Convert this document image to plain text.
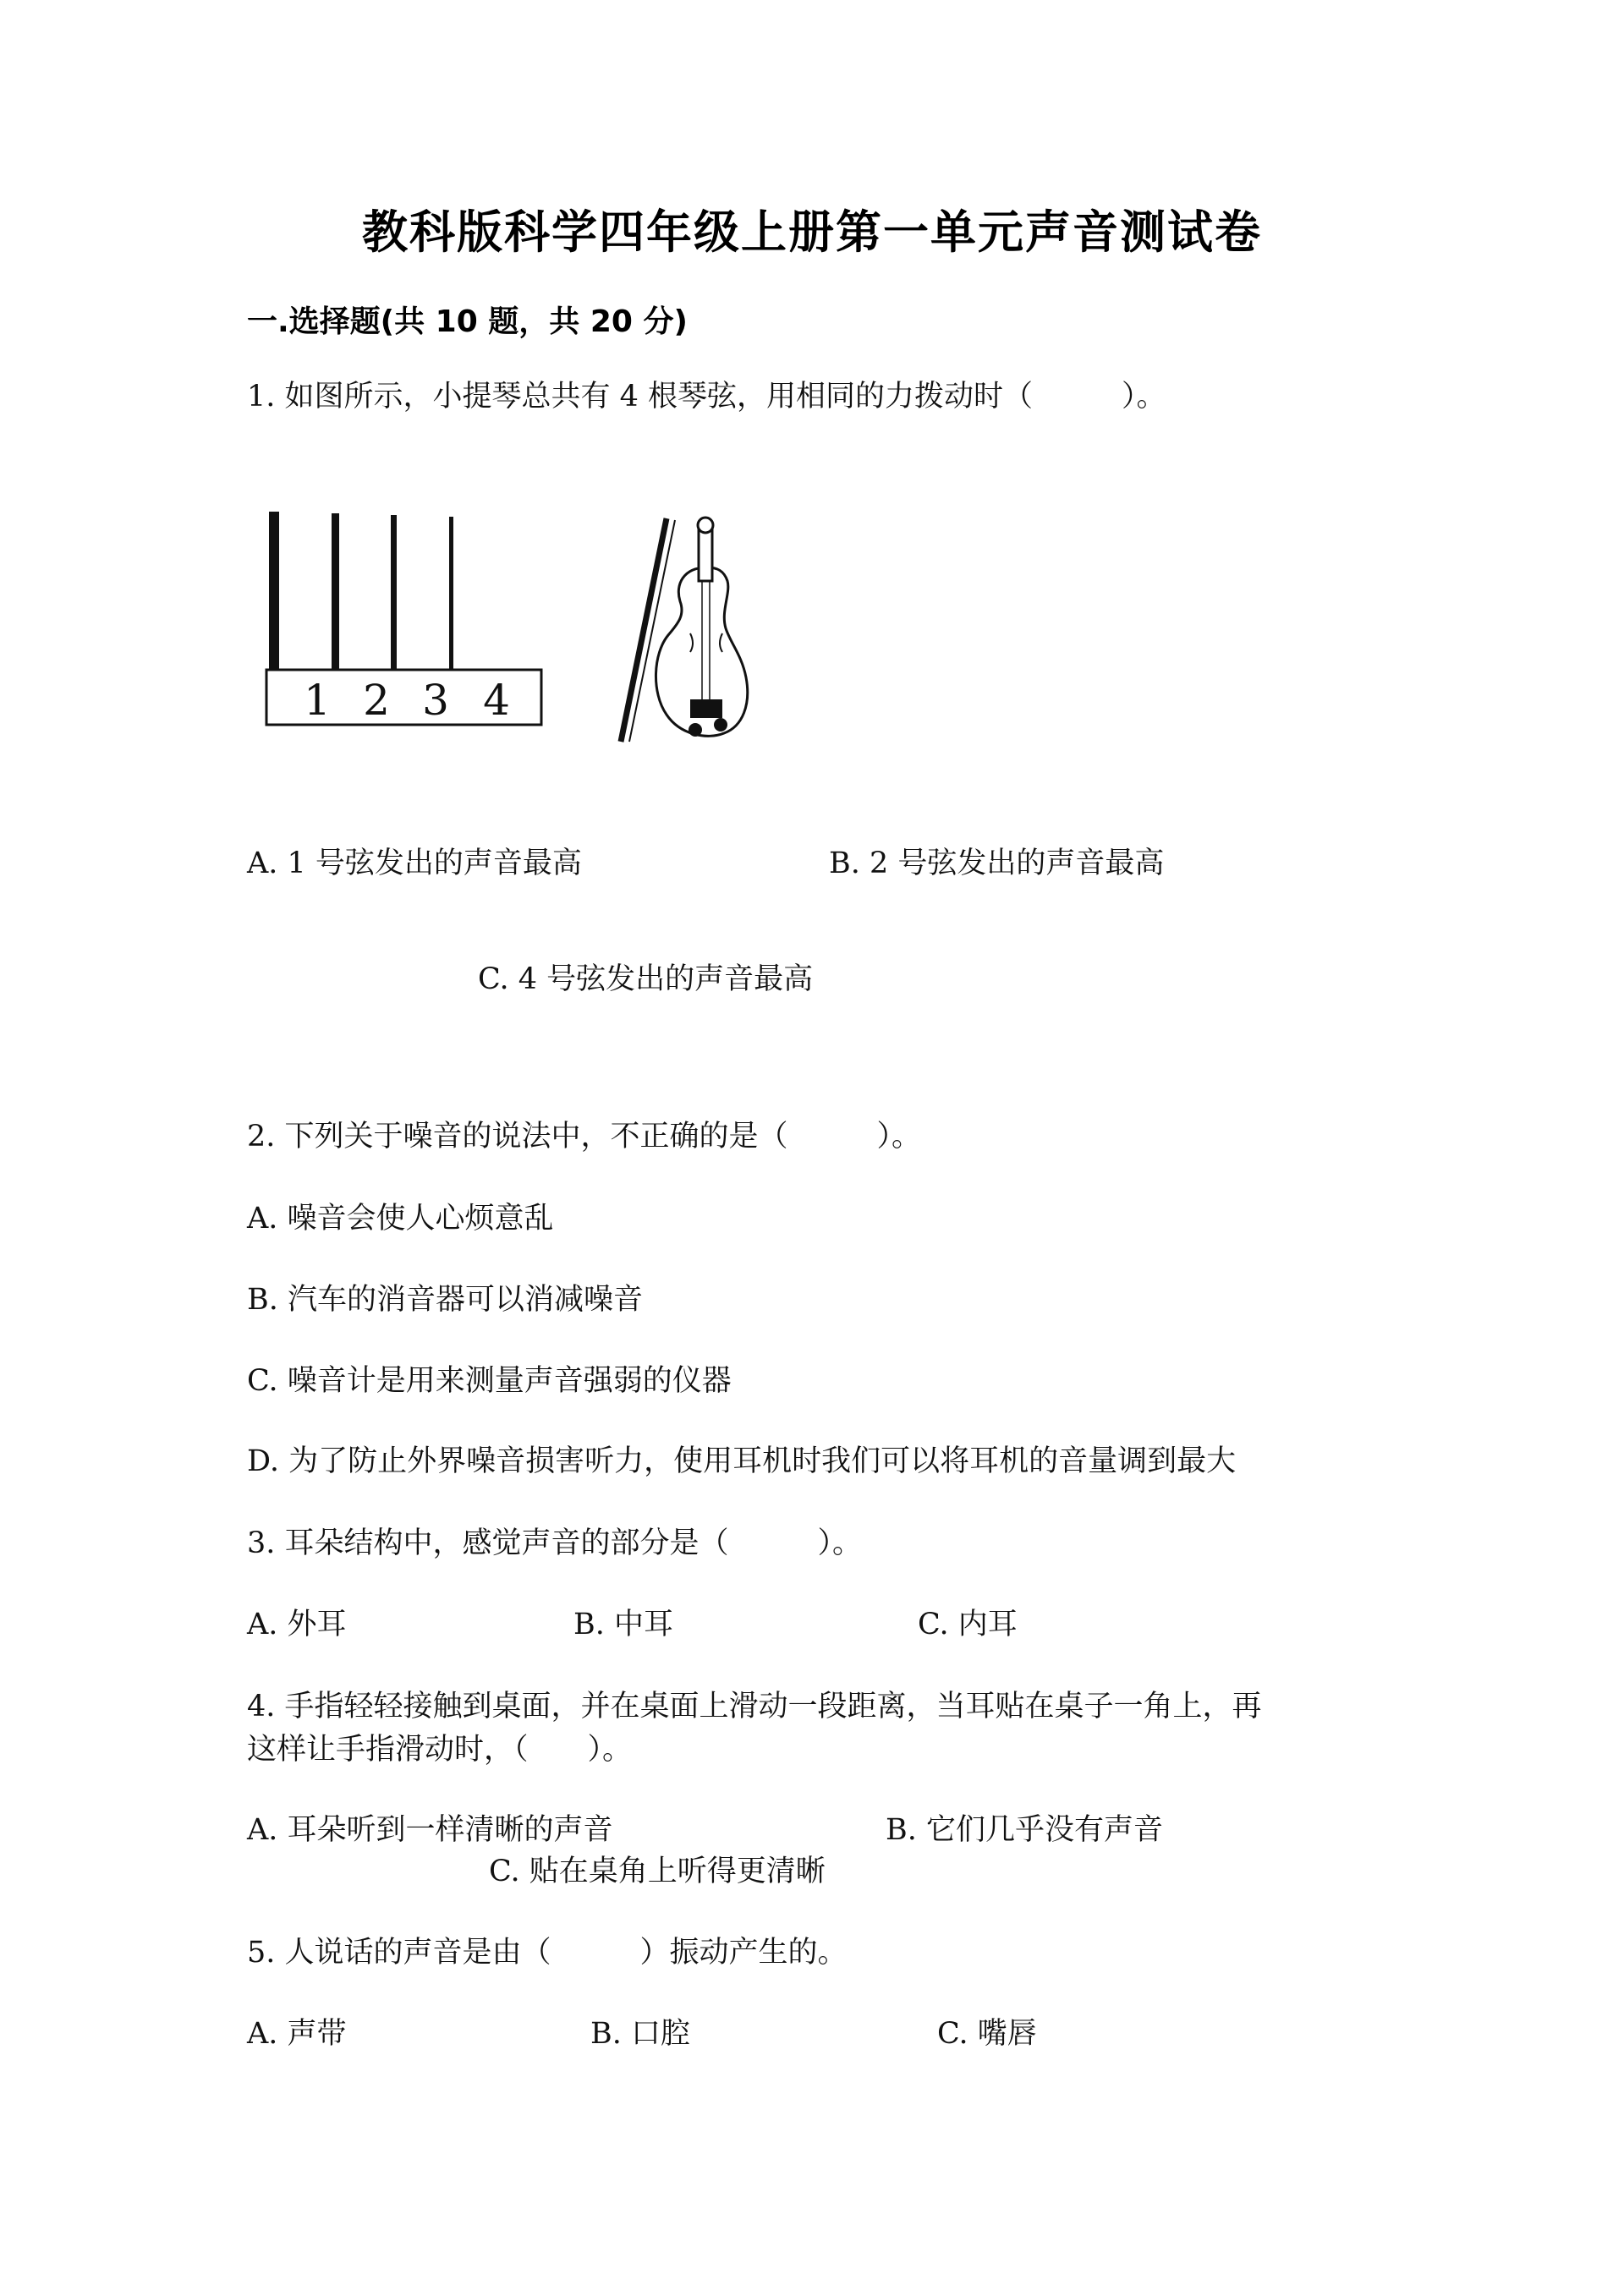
教科版科学四年级上册第一单元声音测试卷
一.选择题(共 10 题，共 20 分)
1. 如图所示，小提琴总共有 4 根琴弦，用相同的力拨动时（　　　）。
1 2 3 4
A. 1 号弦发出的声音最高	B. 2 号弦发出的声音最高
C. 4 号弦发出的声音最高
2. 下列关于噪音的说法中，不正确的是（　　　）。
A. 噪音会使人心烦意乱
B. 汽车的消音器可以消减噪音
C. 噪音计是用来测量声音强弱的仪器
D. 为了防止外界噪音损害听力，使用耳机时我们可以将耳机的音量调到最大
3. 耳朵结构中，感觉声音的部分是（　　　）。
A. 外耳	B. 中耳	C. 内耳
4. 手指轻轻接触到桌面，并在桌面上滑动一段距离，当耳贴在桌子一角上，再
这样让手指滑动时，（　　）。
A. 耳朵听到一样清晰的声音	B. 它们几乎没有声音
C. 贴在桌角上听得更清晰
5. 人说话的声音是由（　　　）振动产生的。
A. 声带	B. 口腔	C. 嘴唇
